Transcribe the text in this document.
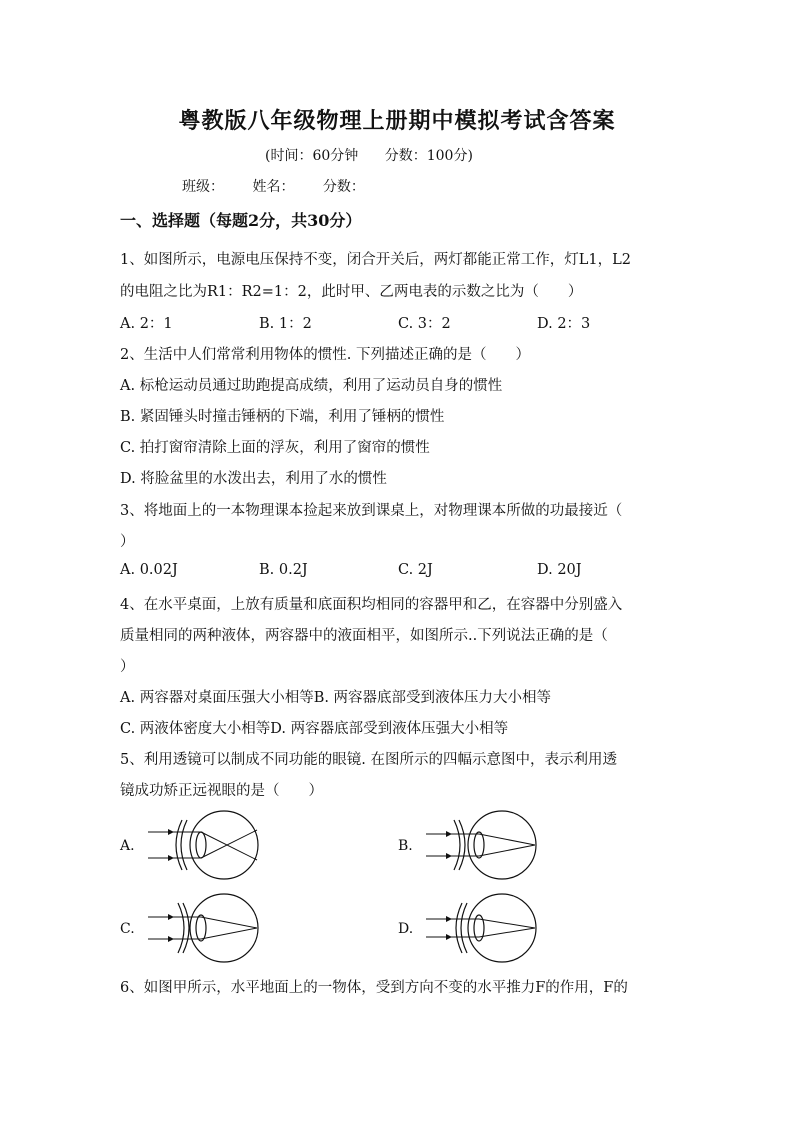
粤教版八年级物理上册期中模拟考试含答案
(时间：60分钟 分数：100分)
班级： 姓名： 分数：
一、选择题（每题2分，共30分）
1、如图所示，电源电压保持不变，闭合开关后，两灯都能正常工作，灯L1，L2
的电阻之比为R1：R2=1：2，此时甲、乙两电表的示数之比为（　　）
A. 2：1	B. 1：2	C. 3：2	D. 2：3
2、生活中人们常常利用物体的惯性. 下列描述正确的是（　　）
A. 标枪运动员通过助跑提高成绩，利用了运动员自身的惯性
B. 紧固锤头时撞击锤柄的下端，利用了锤柄的惯性
C. 拍打窗帘清除上面的浮灰，利用了窗帘的惯性
D. 将脸盆里的水泼出去，利用了水的惯性
3、将地面上的一本物理课本捡起来放到课桌上，对物理课本所做的功最接近（
）
A. 0.02J	B. 0.2J	C. 2J	D. 20J
4、在水平桌面，上放有质量和底面积均相同的容器甲和乙，在容器中分别盛入
质量相同的两种液体，两容器中的液面相平，如图所示..下列说法正确的是（
）
A. 两容器对桌面压强大小相等B. 两容器底部受到液体压力大小相等
C. 两液体密度大小相等D. 两容器底部受到液体压强大小相等
5、利用透镜可以制成不同功能的眼镜. 在图所示的四幅示意图中，表示利用透
镜成功矫正远视眼的是（　　）
A.	B.
C.	D.
6、如图甲所示，水平地面上的一物体，受到方向不变的水平推力F的作用，F的
